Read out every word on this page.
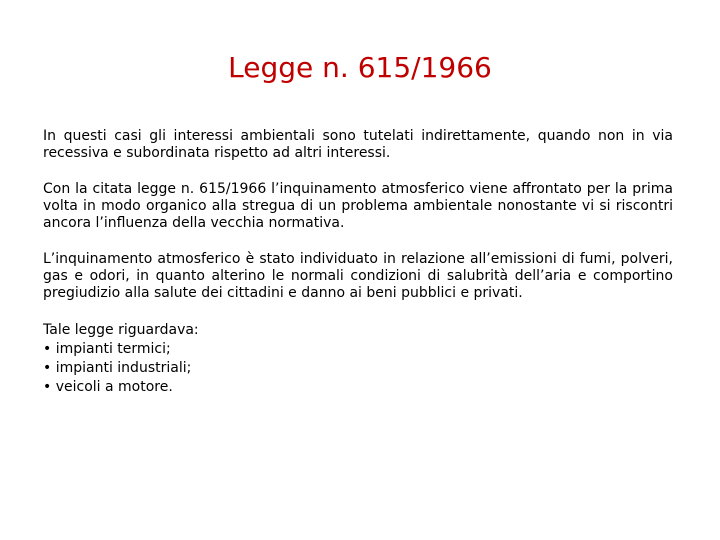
Legge n. 615/1966

In questi casi gli interessi ambientali sono tutelati indirettamente, quando non in via recessiva e subordinata rispetto ad altri interessi.

Con la citata legge n. 615/1966 l’inquinamento atmosferico viene affrontato per la prima volta in modo organico alla stregua di un problema ambientale nonostante vi si riscontri ancora l’influenza della vecchia normativa.

L’inquinamento atmosferico è stato individuato in relazione all’emissioni di fumi, polveri, gas e odori, in quanto alterino le normali condizioni di salubrità dell’aria e comportino pregiudizio alla salute dei cittadini e danno ai beni pubblici e privati.

Tale legge riguardava:
• impianti termici;
• impianti industriali;
• veicoli a motore.
